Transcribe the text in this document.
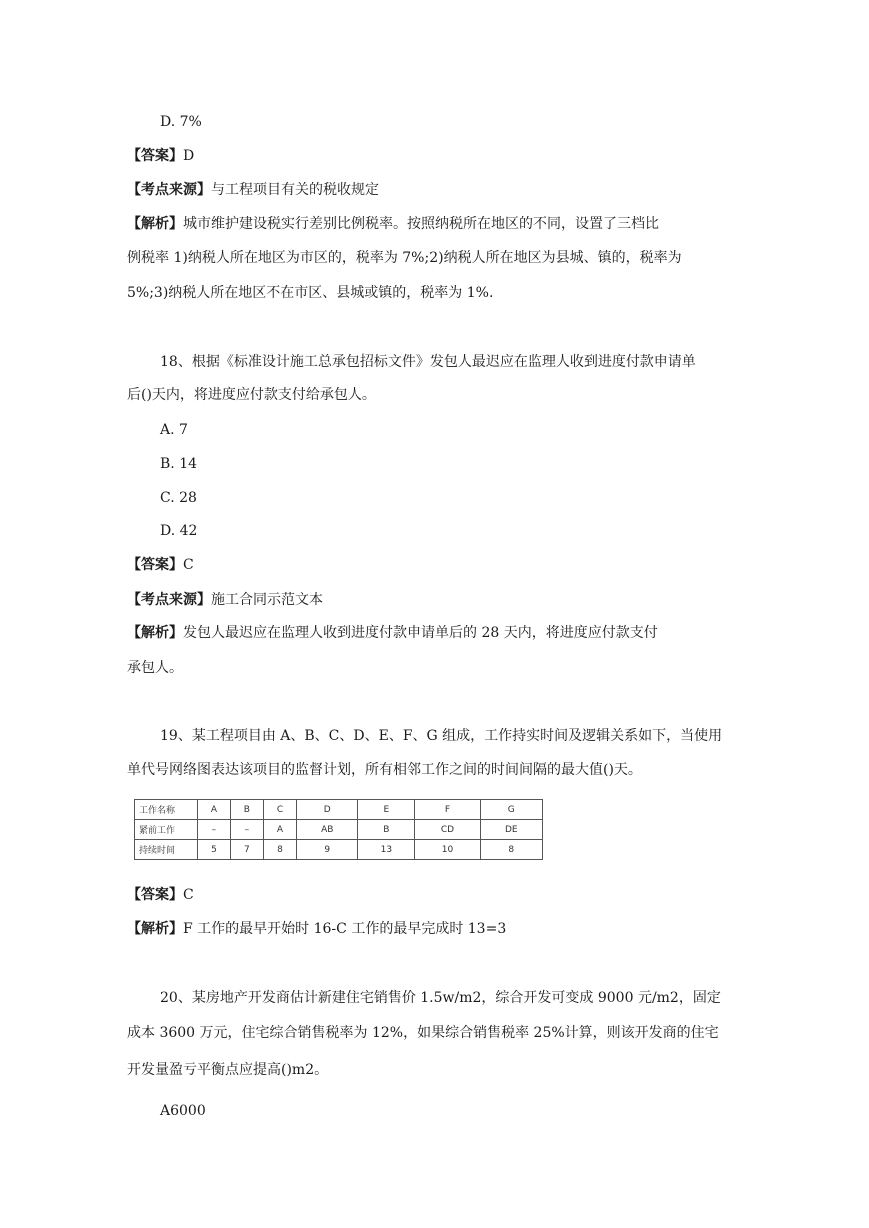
D. 7%
【答案】D
【考点来源】与工程项目有关的税收规定
【解析】城市维护建设税实行差别比例税率。按照纳税所在地区的不同，设置了三档比
例税率 1)纳税人所在地区为市区的，税率为 7%;2)纳税人所在地区为县城、镇的，税率为
5%;3)纳税人所在地区不在市区、县城或镇的，税率为 1%.
18、根据《标准设计施工总承包招标文件》发包人最迟应在监理人收到进度付款申请单
后()天内，将进度应付款支付给承包人。
A. 7
B. 14
C. 28
D. 42
【答案】C
【考点来源】施工合同示范文本
【解析】发包人最迟应在监理人收到进度付款申请单后的 28 天内，将进度应付款支付
承包人。
19、某工程项目由 A、B、C、D、E、F、G 组成，工作持实时间及逻辑关系如下，当使用
单代号网络图表达该项目的监督计划，所有相邻工作之间的时间间隔的最大值()天。
工作名称	A	B	C	D	E	F	G
紧前工作	–	–	A	AB	B	CD	DE
持续时间	5	7	8	9	13	10	8
【答案】C
【解析】F 工作的最早开始时 16-C 工作的最早完成时 13=3
20、某房地产开发商估计新建住宅销售价 1.5w/m2，综合开发可变成 9000 元/m2，固定
成本 3600 万元，住宅综合销售税率为 12%，如果综合销售税率 25%计算，则该开发商的住宅
开发量盈亏平衡点应提高()m2。
A6000
